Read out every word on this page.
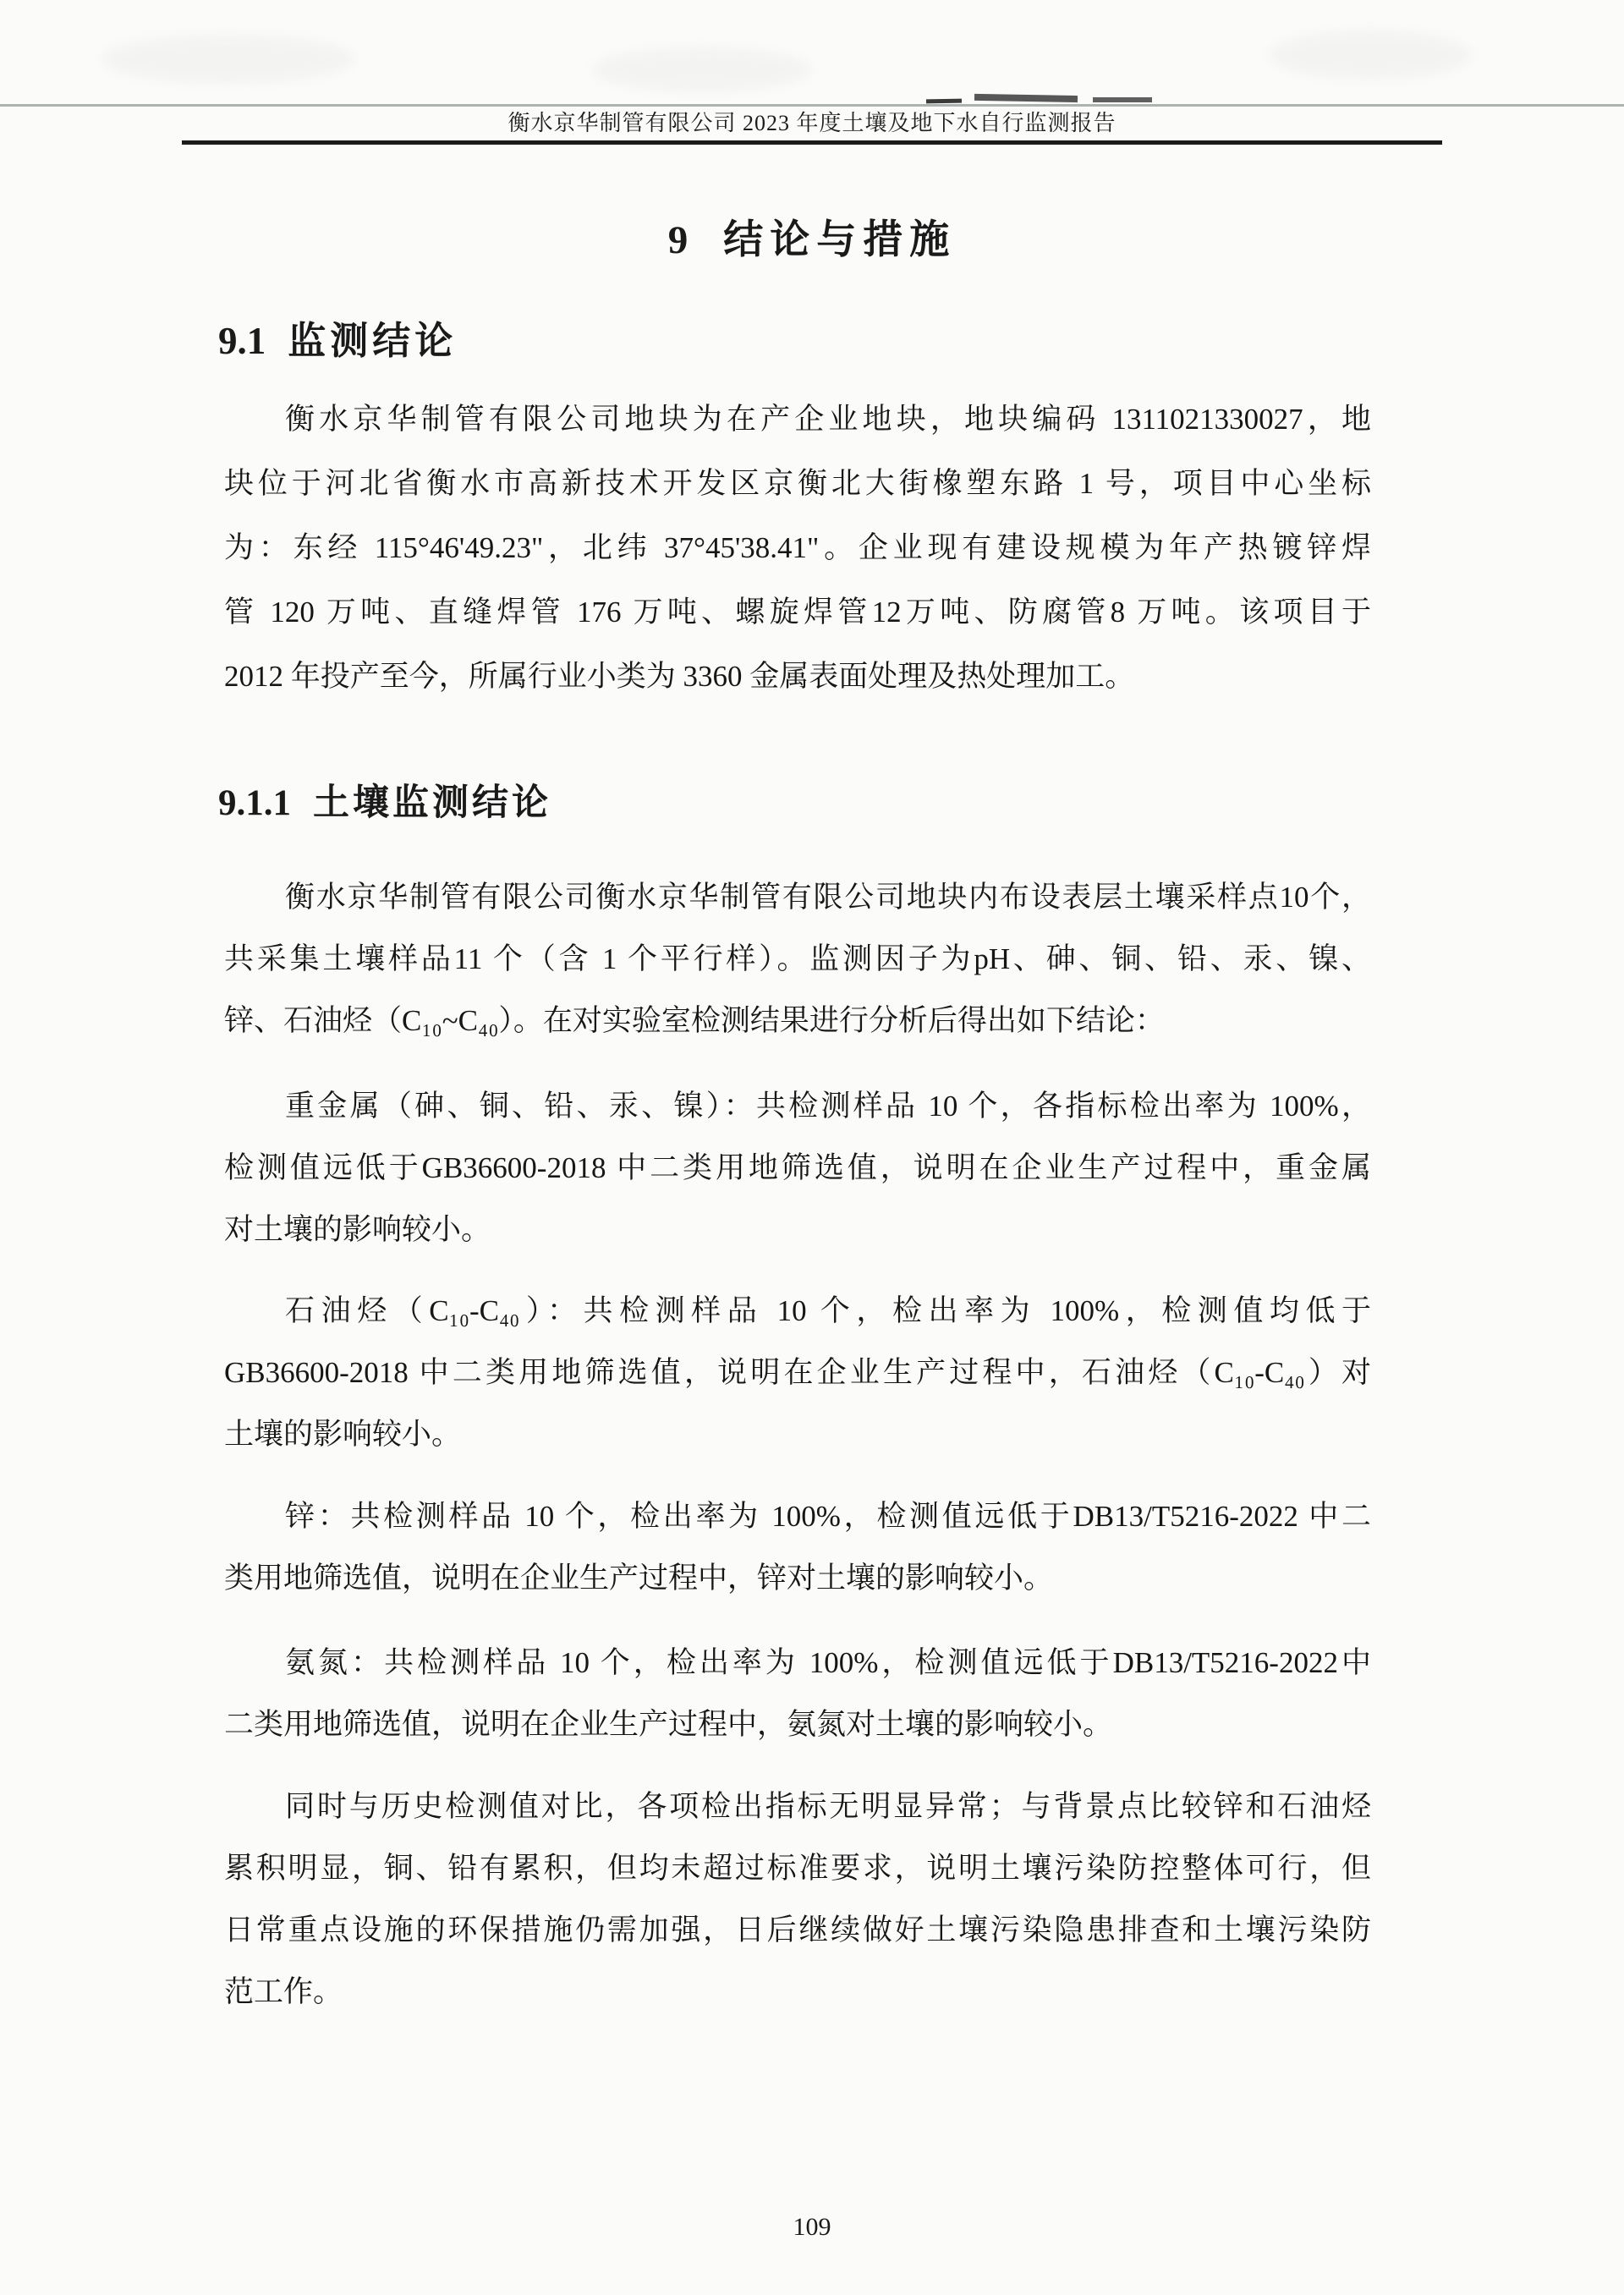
衡水京华制管有限公司 2023 年度土壤及地下水自行监测报告
9 结论与措施
9.1 监测结论
衡水京华制管有限公司地块为在产企业地块，地块编码 1311021330027，地
块位于河北省衡水市高新技术开发区京衡北大街橡塑东路 1 号，项目中心坐标
为：东经 115°46'49.23"，北纬 37°45'38.41"。企业现有建设规模为年产热镀锌焊
管 120 万吨、直缝焊管 176 万吨、螺旋焊管12万吨、防腐管8 万吨。该项目于
2012 年投产至今，所属行业小类为 3360 金属表面处理及热处理加工。
9.1.1 土壤监测结论
衡水京华制管有限公司衡水京华制管有限公司地块内布设表层土壤采样点10个，
共采集土壤样品11 个（含 1 个平行样）。监测因子为pH、砷、铜、铅、汞、镍、
锌、石油烃（C₁₀~C₄₀）。在对实验室检测结果进行分析后得出如下结论：
重金属（砷、铜、铅、汞、镍）：共检测样品 10 个，各指标检出率为 100%，
检测值远低于GB36600-2018 中二类用地筛选值，说明在企业生产过程中，重金属
对土壤的影响较小。
石油烃（C₁₀-C₄₀）：共检测样品 10 个，检出率为 100%，检测值均低于
GB36600-2018 中二类用地筛选值，说明在企业生产过程中，石油烃（C₁₀-C₄₀）对
土壤的影响较小。
锌：共检测样品 10 个，检出率为 100%，检测值远低于DB13/T5216-2022 中二
类用地筛选值，说明在企业生产过程中，锌对土壤的影响较小。
氨氮：共检测样品 10 个，检出率为 100%，检测值远低于DB13/T5216-2022中
二类用地筛选值，说明在企业生产过程中，氨氮对土壤的影响较小。
同时与历史检测值对比，各项检出指标无明显异常；与背景点比较锌和石油烃
累积明显，铜、铅有累积，但均未超过标准要求，说明土壤污染防控整体可行，但
日常重点设施的环保措施仍需加强，日后继续做好土壤污染隐患排查和土壤污染防
范工作。
109
